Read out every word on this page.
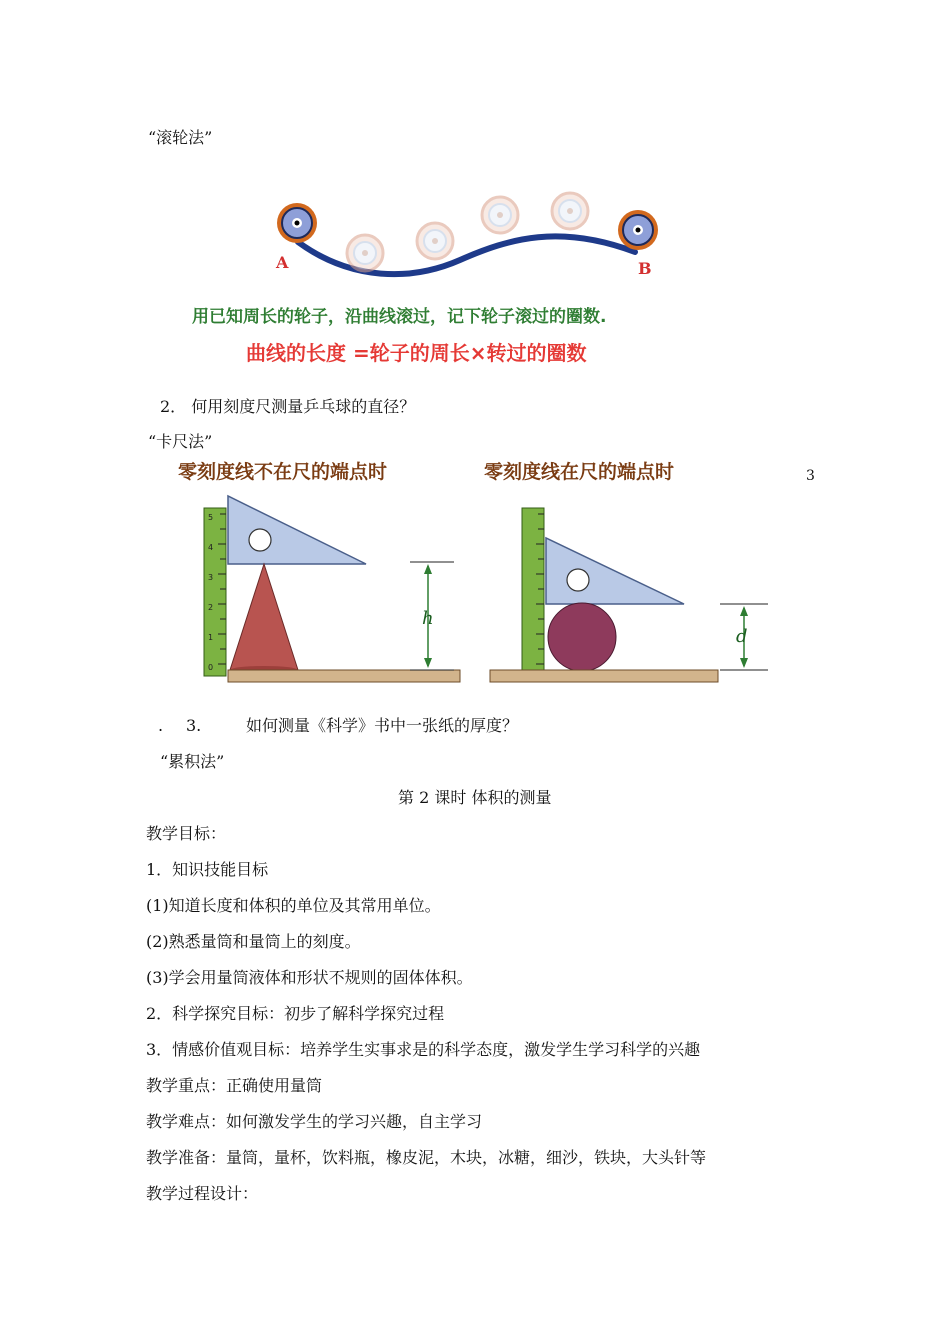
“滚轮法”
A	B
用已知周长的轮子，沿曲线滚过，记下轮子滚过的圈数.
曲线的长度 =轮子的周长×转过的圈数
2． 何用刻度尺测量乒乓球的直径？
“卡尺法”
零刻度线不在尺的端点时	零刻度线在尺的端点时
5
4
3
2
1
0
h
d
3
. 3.	如何测量《科学》书中一张纸的厚度？
“累积法”
第 2 课时 体积的测量
教学目标：
1．知识技能目标
(1)知道长度和体积的单位及其常用单位。
(2)熟悉量筒和量筒上的刻度。
(3)学会用量筒液体和形状不规则的固体体积。
2．科学探究目标：初步了解科学探究过程
3．情感价值观目标：培养学生实事求是的科学态度，激发学生学习科学的兴趣
教学重点：正确使用量筒
教学难点：如何激发学生的学习兴趣，自主学习
教学准备：量筒，量杯，饮料瓶，橡皮泥，木块，冰糖，细沙，铁块，大头针等
教学过程设计：
